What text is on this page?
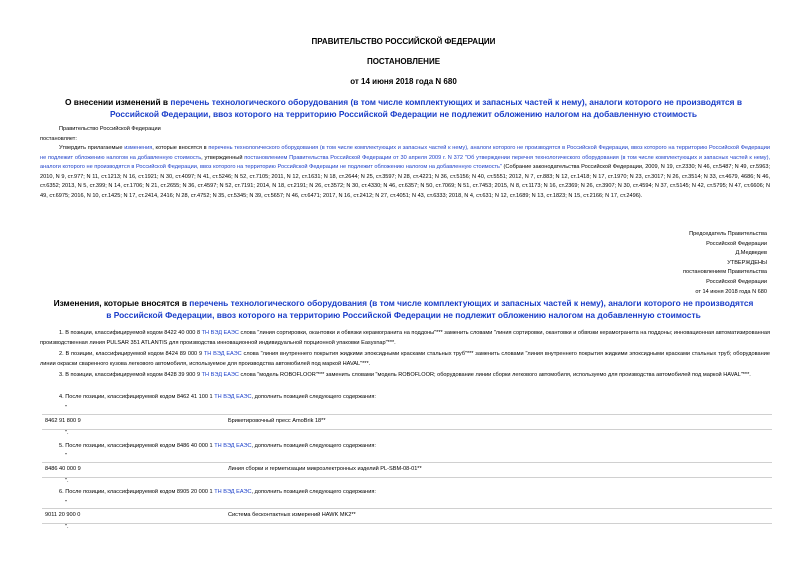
ПРАВИТЕЛЬСТВО РОССИЙСКОЙ ФЕДЕРАЦИИ
ПОСТАНОВЛЕНИЕ
от 14 июня 2018 года N 680
О внесении изменений в перечень технологического оборудования (в том числе комплектующих и запасных частей к нему), аналоги которого не производятся в Российской Федерации, ввоз которого на территорию Российской Федерации не подлежит обложению налогом на добавленную стоимость
Правительство Российской Федерации
постановляет:
Утвердить прилагаемые изменения, которые вносятся в перечень технологического оборудования (в том числе комплектующих и запасных частей к нему), аналоги которого не производятся в Российской Федерации, ввоз которого на территорию Российской Федерации не подлежит обложению налогом на добавленную стоимость, утвержденный постановлением Правительства Российской Федерации от 30 апреля 2009 г. N 372 "Об утверждении перечня технологического оборудования (в том числе комплектующих и запасных частей к нему), аналоги которого не производятся в Российской Федерации, ввоз которого на территорию Российской Федерации не подлежит обложению налогом на добавленную стоимость" (Собрание законодательства Российской Федерации, 2009, N 19, ст.2330; N 46, ст.5487; N 49, ст.5963; 2010, N 9, ст.977; N 11, ст.1213; N 16, ст.1921; N 30, ст.4097; N 41, ст.5246; N 52, ст.7105; 2011, N 12, ст.1631; N 18, ст.2644; N 25, ст.3597; N 28, ст.4221; N 36, ст.5156; N 40, ст.5551; 2012, N 7, ст.883; N 12, ст.1418; N 17, ст.1970; N 23, ст.3017; N 26, ст.3514; N 33, ст.4679, 4686; N 46, ст.6352; 2013, N 5, ст.399; N 14, ст.1706; N 21, ст.2655; N 36, ст.4597; N 52, ст.7191; 2014, N 18, ст.2191; N 26, ст.3572; N 30, ст.4330; N 46, ст.6357; N 50, ст.7069; N 51, ст.7453; 2015, N 8, ст.1173; N 16, ст.2369; N 26, ст.3907; N 30, ст.4594; N 37, ст.5145; N 42, ст.5795; N 47, ст.6606; N 49, ст.6975; 2016, N 10, ст.1425; N 17, ст.2414, 2416; N 28, ст.4752; N 35, ст.5345; N 39, ст.5657; N 46, ст.6471; 2017, N 16, ст.2412; N 27, ст.4051; N 43, ст.6333; 2018, N 4, ст.631; N 12, ст.1689; N 13, ст.1823; N 15, ст.2166; N 17, ст.2496).
Председатель Правительства
Российской Федерации
Д.Медведев
УТВЕРЖДЕНЫ
постановлением Правительства
Российской Федерации
от 14 июня 2018 года N 680
Изменения, которые вносятся в перечень технологического оборудования (в том числе комплектующих и запасных частей к нему), аналоги которого не производятся в Российской Федерации, ввоз которого на территорию Российской Федерации не подлежит обложению налогом на добавленную стоимость
1. В позиции, классифицируемой кодом 8422 40 000 8 ТН ВЭД ЕАЭС слова "линия сортировки, окантовки и обвязки керамогранита на поддоны"*** заменить словами "линия сортировки, окантовки и обвязки керамогранита на поддоны; инновационная автоматизированная производственная линия PULSAR 351 ATLANTIS для производства инновационной индивидуальной порционной упаковки Easysnap"***.
2. В позиции, классифицируемой кодом 8424 89 000 9 ТН ВЭД ЕАЭС слова "линия внутреннего покрытия жидкими эпоксидными красками стальных труб"*** заменить словами "линия внутреннего покрытия жидкими эпоксидными красками стальных труб; оборудование линии окраски сваренного кузова легкового автомобиля, используемое для производства автомобилей под маркой HAVAL"***.
3. В позиции, классифицируемой кодом 8428 39 900 9 ТН ВЭД ЕАЭС слова "модель ROBOFLOOR"*** заменить словами "модель ROBOFLOOR; оборудование линии сборки легкового автомобиля, используемо для производства автомобилей под маркой HAVAL"***.
4. После позиции, классифицируемой кодом 8462 41 100 1 ТН ВЭД ЕАЭС, дополнить позицией следующего содержания:
"
8462 91 800 9	Брикетировочный пресс AmoBrik 18**
".
5. После позиции, классифицируемой кодом 8486 40 000 1 ТН ВЭД ЕАЭС, дополнить позицией следующего содержания:
"
8486 40 000 9	Линия сборки и герметизации микроэлектронных изделий PL-SBM-08-01**
".
6. После позиции, классифицируемой кодом 8905 20 000 1 ТН ВЭД ЕАЭС, дополнить позицией следующего содержания:
"
9011 20 900 0	Система бесконтактных измерений HAWK MK2**
".
